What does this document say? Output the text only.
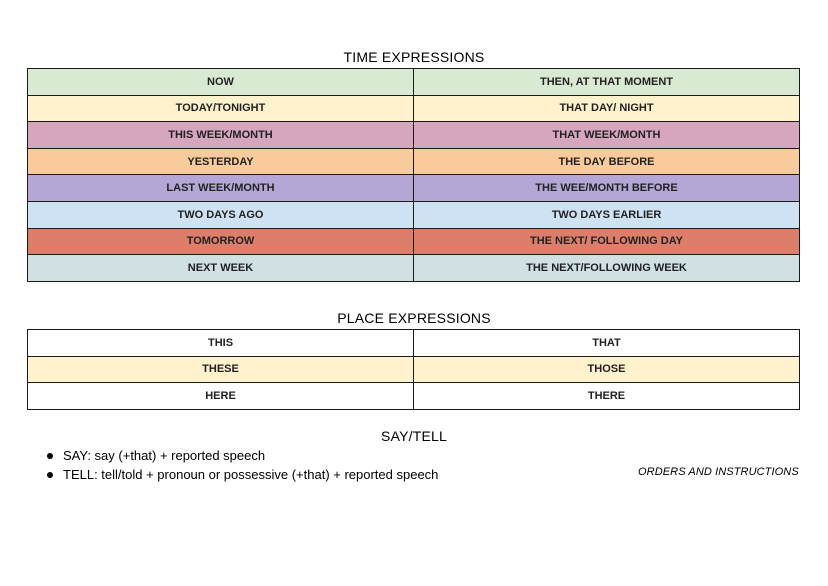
TIME EXPRESSIONS
NOW	THEN, AT THAT MOMENT
TODAY/TONIGHT	THAT DAY/ NIGHT
THIS WEEK/MONTH	THAT WEEK/MONTH
YESTERDAY	THE DAY BEFORE
LAST WEEK/MONTH	THE WEE/MONTH BEFORE
TWO DAYS AGO	TWO DAYS EARLIER
TOMORROW	THE NEXT/ FOLLOWING DAY
NEXT WEEK	THE NEXT/FOLLOWING WEEK
PLACE EXPRESSIONS
THIS	THAT
THESE	THOSE
HERE	THERE
SAY/TELL
SAY: say (+that) + reported speech
TELL: tell/told + pronoun or possessive (+that) + reported speech	ORDERS AND INSTRUCTIONS
